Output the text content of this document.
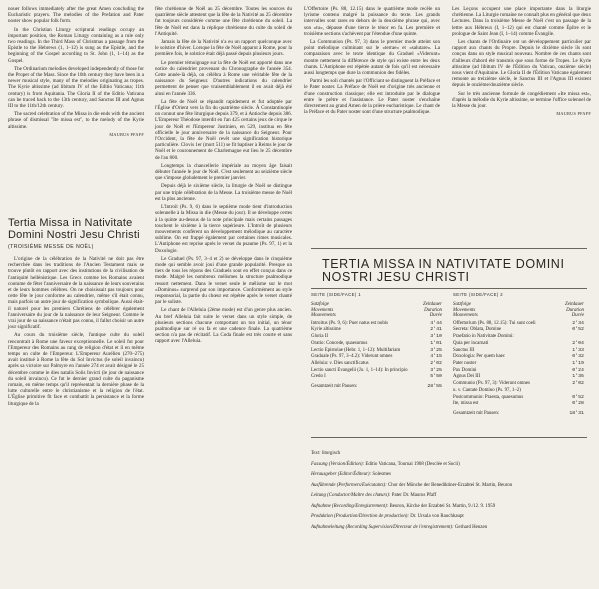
nouer follows immediately after the great Amen concluding the Eucharistic prayers. The melodies of the Prefation and Pater noster show popular folk form.

In the Christian Liturgy scriptural readings occupy an important position, the Roman Liturgy containing as a rule only two readings. In the Third Mass of Christmas a passage from the Epistle to the Hebrews (1, 1–12) is sung as the Epistle, and the beginning of the Gospel according to St. John (1, 1–14) as the Gospel.

The Ordinarium melodies developed independently of those for the Proper of the Mass. Since the 10th century they have been in a newer musical style, many of the melodies originating as tropes. The Kyrie altissime (ad libitum IV of the Editio Vaticana; 11th century) is from Aquitania. The Gloria II of the Editio Vaticana can be traced back to the 13th century, and Sanctus III and Agnus III to the 11th/12th century.

The sacred celebration of the Missa in die ends with the ancient phrase of dismissal "Ite missa est", to the melody of the Kyrie altissime.

MAURUS PFAFF

Tertia Missa in Nativitate Domini Nostri Jesu Christi
(TROISIÈME MESSE DE NOËL)

L'origine de la célébration de la Nativité ne doit pas être recherchée dans les traditions de l'Ancien Testament mais se trouve plutôt en rapport avec des institutions de la civilisation de l'antiquité hellénistique. Les Grecs comme les Romains avaient coutume de fêter l'anniversaire de la naissance de leurs souverains et de leurs hommes célèbres. On ne choisissait pas toujours pour cette fête le jour conforme au calendrier, même s'il était connu, mais parfois un autre jour de signification symbolique. Aussi était-il naturel pour les premiers Chrétiens de célébrer également l'anniversaire du jour de la naissance de leur Seigneur. Comme le vrai jour de sa naissance n'était pas connu, il fallut choisir un autre jour significatif.

Au cours du troisième siècle, l'antique culte du soleil rencontrait à Rome une faveur exceptionnelle. Le soleil fut pour l'Empereur des Romains au rang de religion d'état et il en même temps un culte de l'Empereur. L'Empereur Aurélien (270–275) avait institué à Rome la fête du Sol Invictus (le soleil invaincu) après sa victoire sur Palmyre en l'année 274 et avait désigné le 25 décembre comme le dies natalis Solis Invicti (le jour de naissance du soleil invaincu). Ce fut le dernier grand culte du paganisme romain, en même temps qu'il représentait la dernière phase de la lutte culturelle entre le christianisme et la religion de l'état. L'Église primitive fit face et combattit la persistance et la forme liturgique de la

fête chrétienne de Noël au 25 décembre. Toutes les sources du quatrième siècle attestent que la fête de la Nativité au 25 décembre fut toujours considérée comme une fête chrétienne du soleil. La fête de Noël est dans la réplique chrétienne du culte du soleil de l'Antiquité.

Jamais la fête de la Nativité n'a eu un rapport quelconque avec le solstice d'hiver. Lorsque la fête de Noël apparut à Rome, pour la première fois, le solstice était déjà passé depuis plusieurs jours.

Le premier témoignage sur la fête de Noël est apporté dans une notice du calendrier provenant du Chronographe de l'année 354. Cette année-là déjà, on célébra à Rome une véritable fête de la naissance du Seigneur. D'autres indications du calendrier permettent de penser que vraisemblablement il en avait déjà été ainsi en l'année 336.

La fête de Noël se répandit rapidement et fut adoptée par l'Église d'Orient vers la fin du quatrième siècle. À Constantinople on connut une fête liturgique depuis 379, et à Antioche depuis 386. L'Empereur Théodose interdit en l'an 425 certains jeux de cirque le jour de Noël et l'Empereur Justinien, en 529, institua en fête officielle le jour anniversaire de la naissance du Seigneur. Pour l'Occident, la fête de Noël revêt une signification historique particulière. Clovis 1er (mort 511) se fit baptiser à Reims le jour de Noël et le couronnement de Charlemagne eut lieu le 25 décembre de l'an 800.

Longtemps la chancellerie impériale au moyen âge faisait débuter l'année le jour de Noël. C'est seulement au seizième siècle que s'impose globalement le premier janvier.

Depuis déjà le sixième siècle, la liturgie de Noël se distingue par une triple célébration de la Messe. La troisième messe de Noël est la plus ancienne.

L'Introït (Ps. 9, 6) dans le septième mode tient d'introduction solennelle à la Missa in die (Messe du jour). Il se développe certes à la quinte au-dessus de la note principale mais certains passages touchent le sixième à la tierce supérieure. L'Introït de plusieurs mouvements confèrent un développement mélodique au caractère sublime. On est frappé également par certaines rimes musicales. L'Antiphone est reprise après le verset du psaume (Ps. 97, 1) et la Doxologie.

Le Graduel (Ps. 97, 3–4 et 2) se développe dans le cinquième mode qui semble avoir joui d'une grande popularité. Presque un tiers de tous les répons des Graduels sont en effet conçus dans ce mode. Malgré les nombreux mélismes la structure psalmodique ressort nettement. Dans le verset seule le mélisme sur le mot «Dominus» surprend par son importance. Conformément au style responsorial, la partie du chœur est répétée après le verset chanté par le soliste.

Le chant de l'Alleluia (2ème mode) est d'un genre plus ancien. Au bref Alleluia fait suite le verset dans un style simple, de plusieurs sections chacune comportant un ton initial, un ténor psalmodique sur ré ou fa et une cadence finale. La quatrième section n'a pas de récitatif. La Coda finale est très courte et sans rapport avec l'Alleluia.

L'Offertoire (Ps. 88, 12.15) dans le quatrième mode recèle un lyrisme contenu malgré la puissance du texte. Les grands intervalles sont rares en dehors de la deuxième phrase qui, avec son «tu», dépasse d'une tierce le ténor en fa. Les première et troisième sections s'achèvent par l'étendue d'une quinte.

La Communion (Ps. 97, 3) dans le premier mode atteint son point mélodique culminant sur le «terrae» et «salutare». La comparaison avec le texte identique du Graduel «Viderunt» montre nettement la différence de style qui existe entre les deux chants. L'Antiphone est répétée autant de fois qu'il est nécessaire aussi longtemps que dure la communion des fidèles.

Parmi les soli chantés par l'Officiant se distinguent la Préface et le Pater noster. La Préface de Noël est d'origine très ancienne et d'une construction classique; elle est introduite par le dialogue entre le prêtre et l'assistance. Le Pater noster s'enchaîne directement au grand Amen de la prière eucharistique. Le chant de la Préface et du Pater noster sont d'une structure psalmodique.

Les Leçons occupent une place importante dans la liturgie chrétienne. La Liturgie romaine ne connaît plus en général que deux Lectures. Dans la troisième Messe de Noël c'est un passage de la lettre aux Hébreux (I, 1–12) qui est chanté comme Épître et le prologue de Saint Jean (I, 1–14) comme Évangile.

Les chants de l'Ordinaire ont un développement particulier par rapport aux chants du Propre. Depuis le dixième siècle ils sont conçus dans un style musical nouveau. Nombre de ces chants sont d'ailleurs d'abord été transmis que sous forme de Tropes. Le Kyrie altissime (ad libitum IV de l'Édition du Vatican, onzième siècle) nous vient d'Aquitaine. Le Gloria II de l'Édition Vaticane également remonte au treizième siècle, le Sanctus III et l'Agnus III existent depuis le onzième/douzième siècle.

Sur le très ancienne formule de congédiement «Ite missa est», d'après la mélodie du Kyrie altissime, se termine l'office solennel de la Messe du jour.

MAURUS PFAFF

TERTIA MISSA IN NATIVITATE DOMINI NOSTRI JESU CHRISTI
SEITE (SIDE/FACE) 1	SEITE (SIDE/FACE) 2
Satzfolge
Movements
Mouvements
Zeitdauer
Duration
Durée
Introitus (Ps. 9, 6): Puer natus est nobis	4'44
Kyrie altissime	2'41
Gloria II	3'10
Oratio: Concede, quaesumus	1'01
Lectio Epistolae (Hebr. 1, 1–12): Multifariam	3'25
Graduale (Ps. 97, 3–4.2): Viderunt omnes	4'15
Alleluia: v. Dies sanctificatus	2'02
Lectio sancti Evangelii (Jo. 1, 1–14): In principio	3'25
Credo I	5'50
Gesamtzeit mit Pausen:	28'55
Satzfolge
Movements
Mouvements
Zeitdauer
Duration
Durée
Offertorium (Ps. 88, 12.15): Tui sunt coeli	2'34
Secreta: Oblata, Domine	0'52
Praefatio in Nativitate Domini:
Quia per incarnati	2'04
Sanctus III	1'33
Doxologia: Per quem haec	0'32
Pater noster	1'19
Pax Domini	0'24
Agnus Dei III	1'35
Communio (Ps. 97, 3): Viderunt omnes	2'02
u. v. Cantate Domino (Ps. 97, 1–2)
Postcommunio: Praesta, quaesumus	0'52
Ite, missa est	0'28
Gesamtzeit mit Pausen:	18'31
Text: liturgisch
Fassung (Version/Édition): Editio Vaticana, Tournai 1908 (Desclée et Socii)
Herausgeber (Editor/Éditeur): Solesmes
Ausführende (Performers/Exécutants): Chor der Mönche der Benediktiner-Erzabtei St. Martin, Beuron
Leitung (Conductor/Maître des chœurs): Pater Dr. Maurus Pfaff
Aufnahme (Recording/Enregistrement): Beuron, Kirche der Erzabtei St. Martin, 9./12. 9. 1959
Produktion (Production/Direction de production): Dr. Ursula von Rauchhaupt
Aufnahmeleitung (Recording Supervision/Directeur de l'enregistrement): Gerhard Henzen
